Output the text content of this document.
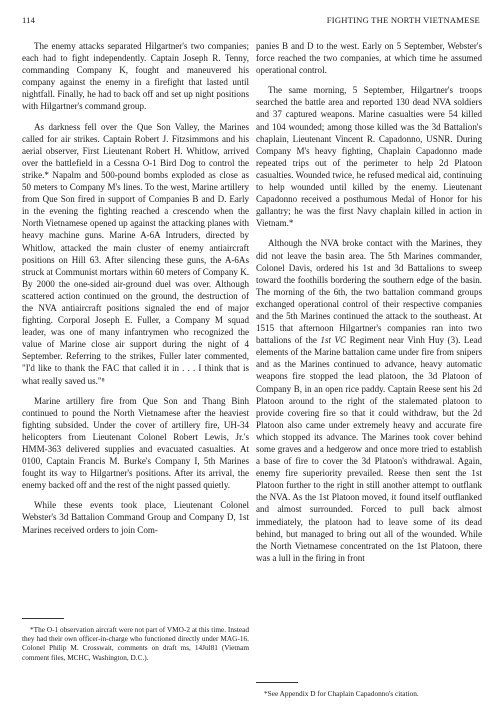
114	FIGHTING THE NORTH VIETNAMESE

The enemy attacks separated Hilgartner's two companies; each had to fight independently. Captain Joseph R. Tenny, commanding Company K, fought and maneuvered his company against the enemy in a firefight that lasted until nightfall. Finally, he had to back off and set up night positions with Hilgartner's command group.

As darkness fell over the Que Son Valley, the Marines called for air strikes. Captain Robert J. Fitzsimmons and his aerial observer, First Lieutenant Robert H. Whitlow, arrived over the battlefield in a Cessna O-1 Bird Dog to control the strike.* Napalm and 500-pound bombs exploded as close as 50 meters to Company M's lines. To the west, Marine artillery from Que Son fired in support of Companies B and D. Early in the evening the fighting reached a crescendo when the North Vietnamese opened up against the attacking planes with heavy machine guns. Marine A-6A Intruders, directed by Whitlow, attacked the main cluster of enemy antiaircraft positions on Hill 63. After silencing these guns, the A-6As struck at Communist mortars within 60 meters of Company K. By 2000 the one-sided air-ground duel was over. Although scattered action continued on the ground, the destruction of the NVA antiaircraft positions signaled the end of major fighting. Corporal Joseph E. Fuller, a Company M squad leader, was one of many infantrymen who recognized the value of Marine close air support during the night of 4 September. Referring to the strikes, Fuller later commented, "I'd like to thank the FAC that called it in . . . I think that is what really saved us."⁸

Marine artillery fire from Que Son and Thang Binh continued to pound the North Vietnamese after the heaviest fighting subsided. Under the cover of artillery fire, UH-34 helicopters from Lieutenant Colonel Robert Lewis, Jr.'s HMM-363 delivered supplies and evacuated casualties. At 0100, Captain Francis M. Burke's Company I, 5th Marines fought its way to Hilgartner's positions. After its arrival, the enemy backed off and the rest of the night passed quietly.

While these events took place, Lieutenant Colonel Webster's 3d Battalion Command Group and Company D, 1st Marines received orders to join Com-

panies B and D to the west. Early on 5 September, Webster's force reached the two companies, at which time he assumed operational control.

The same morning, 5 September, Hilgartner's troops searched the battle area and reported 130 dead NVA soldiers and 37 captured weapons. Marine casualties were 54 killed and 104 wounded; among those killed was the 3d Battalion's chaplain, Lieutenant Vincent R. Capadonno, USNR. During Company M's heavy fighting, Chaplain Capadonno made repeated trips out of the perimeter to help 2d Platoon casualties. Wounded twice, he refused medical aid, continuing to help wounded until killed by the enemy. Lieutenant Capadonno received a posthumous Medal of Honor for his gallantry; he was the first Navy chaplain killed in action in Vietnam.*

Although the NVA broke contact with the Marines, they did not leave the basin area. The 5th Marines commander, Colonel Davis, ordered his 1st and 3d Battalions to sweep toward the foothills bordering the southern edge of the basin. The morning of the 6th, the two battalion command groups exchanged operational control of their respective companies and the 5th Marines continued the attack to the southeast. At 1515 that afternoon Hilgartner's companies ran into two battalions of the 1st VC Regiment near Vinh Huy (3). Lead elements of the Marine battalion came under fire from snipers and as the Marines continued to advance, heavy automatic weapons fire stopped the lead platoon, the 3d Platoon of Company B, in an open rice paddy. Captain Reese sent his 2d Platoon around to the right of the stalemated platoon to provide covering fire so that it could withdraw, but the 2d Platoon also came under extremely heavy and accurate fire which stopped its advance. The Marines took cover behind some graves and a hedgerow and once more tried to establish a base of fire to cover the 3d Platoon's withdrawal. Again, enemy fire superiority prevailed. Reese then sent the 1st Platoon further to the right in still another attempt to outflank the NVA. As the 1st Platoon moved, it found itself outflanked and almost surrounded. Forced to pull back almost immediately, the platoon had to leave some of its dead behind, but managed to bring out all of the wounded. While the North Vietnamese concentrated on the 1st Platoon, there was a lull in the firing in front

*The O-1 observation aircraft were not part of VMO-2 at this time. Instead they had their own officer-in-charge who functioned directly under MAG-16. Colonel Philip M. Crosswait, comments on draft ms, 14Jul81 (Vietnam comment files, MCHC, Washington, D.C.).

*See Appendix D for Chaplain Capadonno's citation.
